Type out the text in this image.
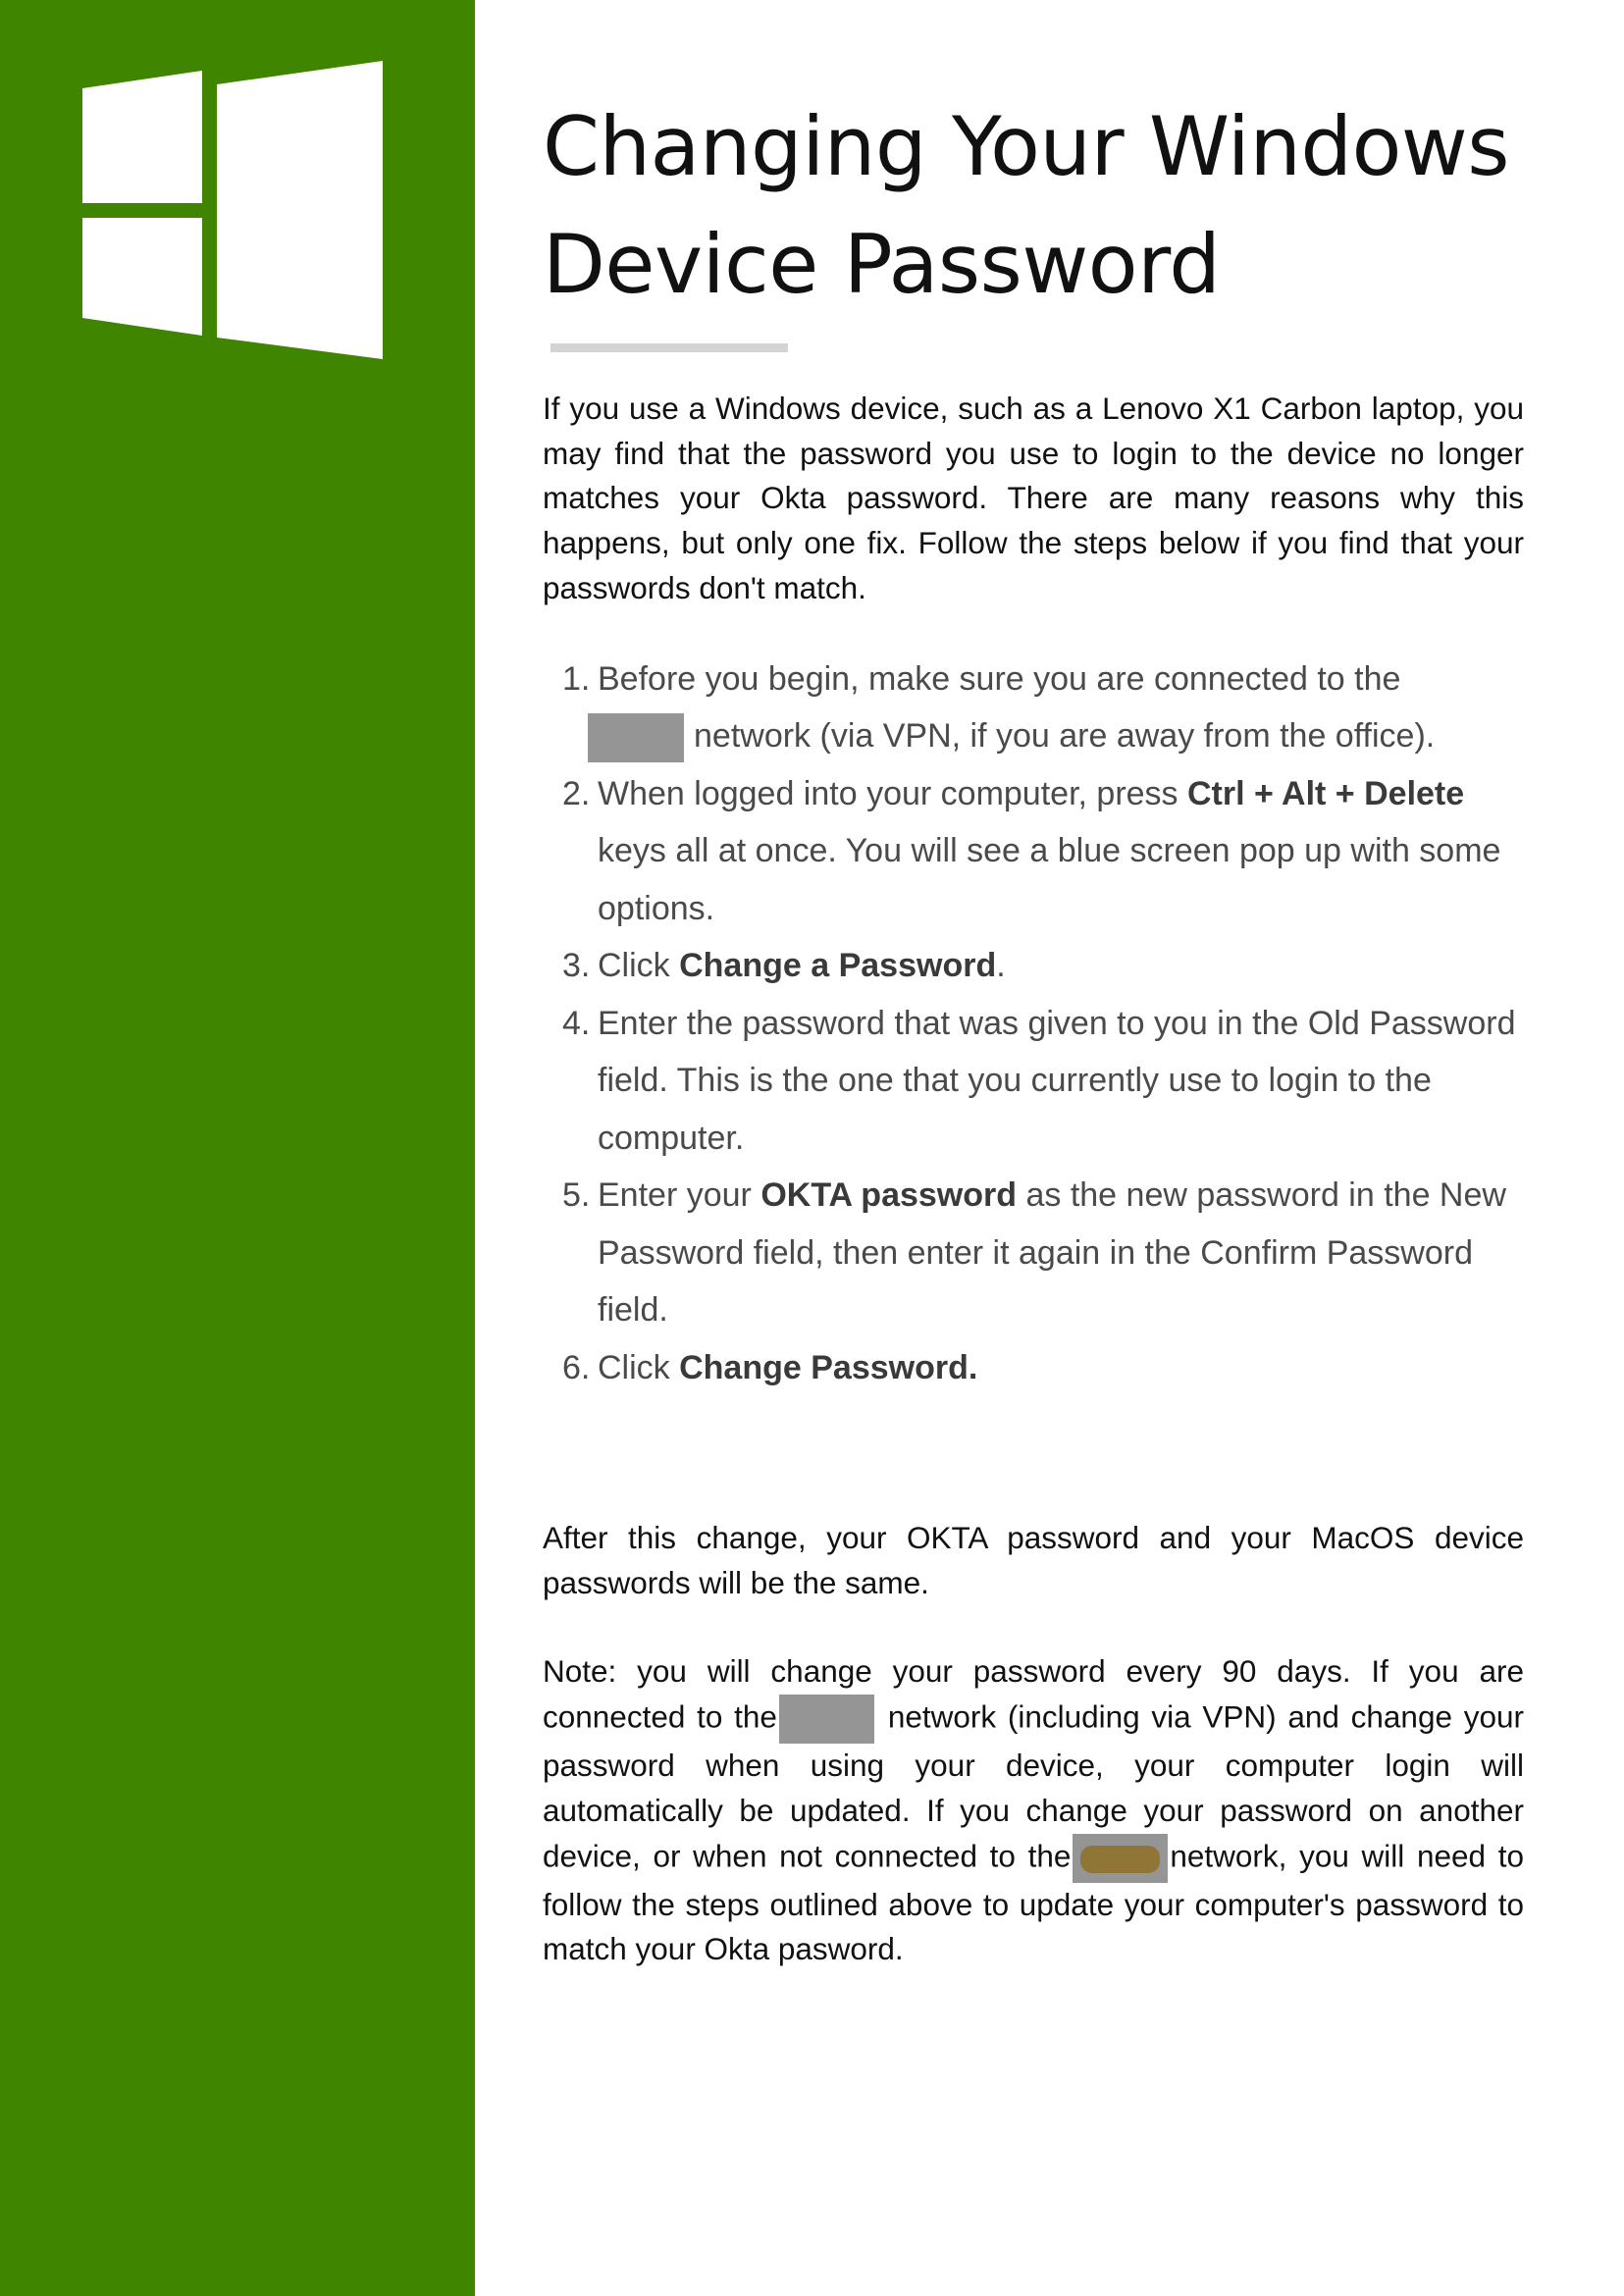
Changing Your Windows
Device Password

If you use a Windows device, such as a Lenovo X1 Carbon laptop, you may find that the password you use to login to the device no longer matches your Okta password. There are many reasons why this happens, but only one fix. Follow the steps below if you find that your passwords don't match.

1. Before you begin, make sure you are connected to the
network (via VPN, if you are away from the office).
2. When logged into your computer, press Ctrl + Alt + Delete keys all at once. You will see a blue screen pop up with some options.
3. Click Change a Password.
4. Enter the password that was given to you in the Old Password field. This is the one that you currently use to login to the computer.
5. Enter your OKTA password as the new password in the New Password field, then enter it again in the Confirm Password field.
6. Click Change Password.

After this change, your OKTA password and your MacOS device passwords will be the same.

Note: you will change your password every 90 days. If you are connected to the	network (including via VPN) and change your password when using your device, your computer login will automatically be updated. If you change your password on another device, or when not connected to the	network, you will need to follow the steps outlined above to update your computer's password to match your Okta pasword.
